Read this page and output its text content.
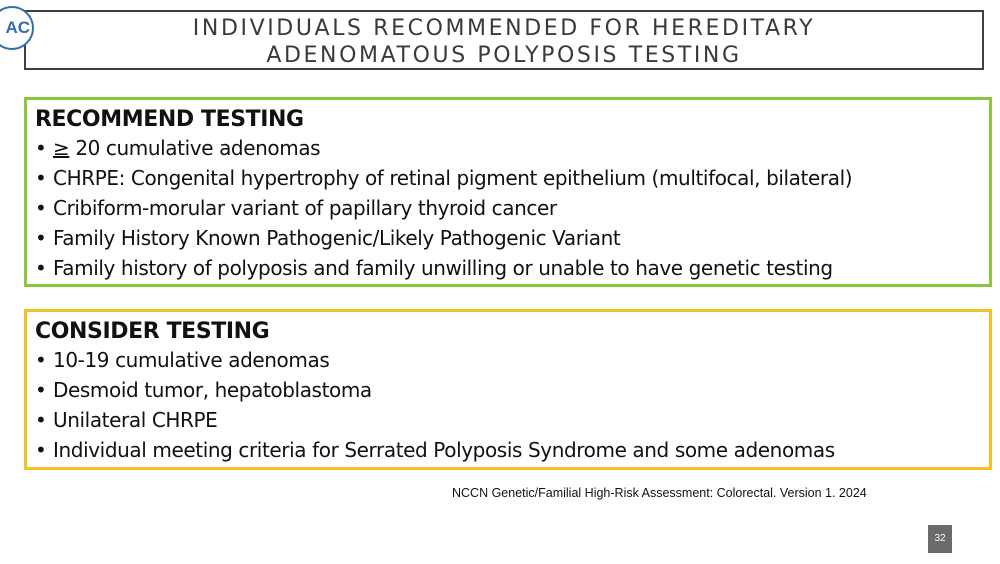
AC	INDIVIDUALS RECOMMENDED FOR HEREDITARY
ADENOMATOUS POLYPOSIS TESTING
RECOMMEND TESTING
• ≥ 20 cumulative adenomas
• CHRPE: Congenital hypertrophy of retinal pigment epithelium (multifocal, bilateral)
• Cribiform-morular variant of papillary thyroid cancer
• Family History Known Pathogenic/Likely Pathogenic Variant
• Family history of polyposis and family unwilling or unable to have genetic testing
CONSIDER TESTING
• 10-19 cumulative adenomas
• Desmoid tumor, hepatoblastoma
• Unilateral CHRPE
• Individual meeting criteria for Serrated Polyposis Syndrome and some adenomas
NCCN Genetic/Familial High-Risk Assessment: Colorectal. Version 1. 2024
32
